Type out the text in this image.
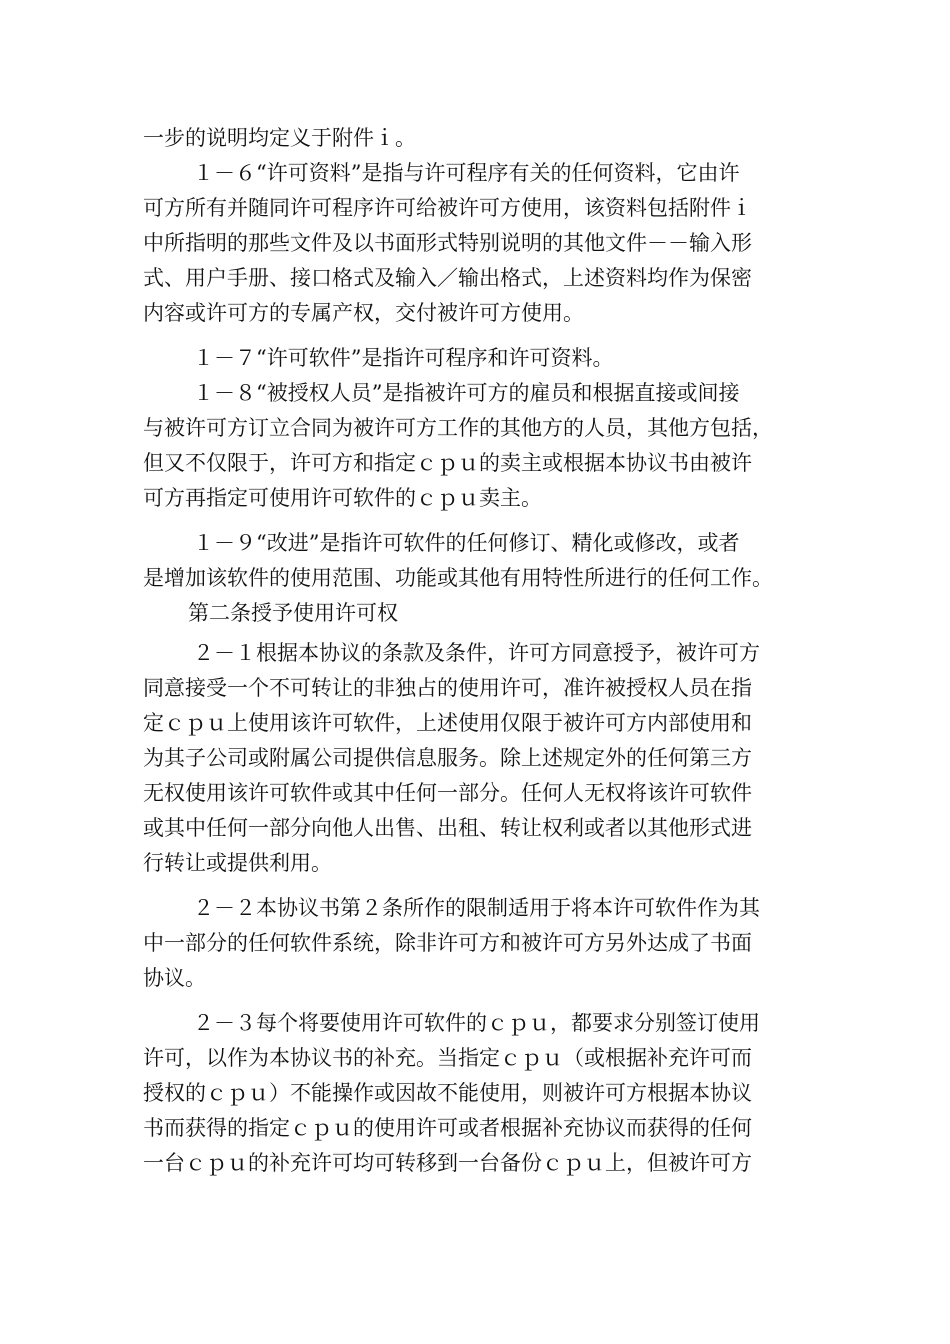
一步的说明均定义于附件ｉ。
１－６“许可资料”是指与许可程序有关的任何资料，它由许
可方所有并随同许可程序许可给被许可方使用，该资料包括附件ｉ
中所指明的那些文件及以书面形式特别说明的其他文件－－输入形
式、用户手册、接口格式及输入／输出格式，上述资料均作为保密
内容或许可方的专属产权，交付被许可方使用。
１－７“许可软件”是指许可程序和许可资料。
１－８“被授权人员”是指被许可方的雇员和根据直接或间接
与被许可方订立合同为被许可方工作的其他方的人员，其他方包括，
但又不仅限于，许可方和指定ｃｐｕ的卖主或根据本协议书由被许
可方再指定可使用许可软件的ｃｐｕ卖主。
１－９“改进”是指许可软件的任何修订、精化或修改，或者
是增加该软件的使用范围、功能或其他有用特性所进行的任何工作。
第二条授予使用许可权
２－１根据本协议的条款及条件，许可方同意授予，被许可方
同意接受一个不可转让的非独占的使用许可，准许被授权人员在指
定ｃｐｕ上使用该许可软件，上述使用仅限于被许可方内部使用和
为其子公司或附属公司提供信息服务。除上述规定外的任何第三方
无权使用该许可软件或其中任何一部分。任何人无权将该许可软件
或其中任何一部分向他人出售、出租、转让权利或者以其他形式进
行转让或提供利用。
２－２本协议书第２条所作的限制适用于将本许可软件作为其
中一部分的任何软件系统，除非许可方和被许可方另外达成了书面
协议。
２－３每个将要使用许可软件的ｃｐｕ，都要求分别签订使用
许可，以作为本协议书的补充。当指定ｃｐｕ（或根据补充许可而
授权的ｃｐｕ）不能操作或因故不能使用，则被许可方根据本协议
书而获得的指定ｃｐｕ的使用许可或者根据补充协议而获得的任何
一台ｃｐｕ的补充许可均可转移到一台备份ｃｐｕ上，但被许可方
